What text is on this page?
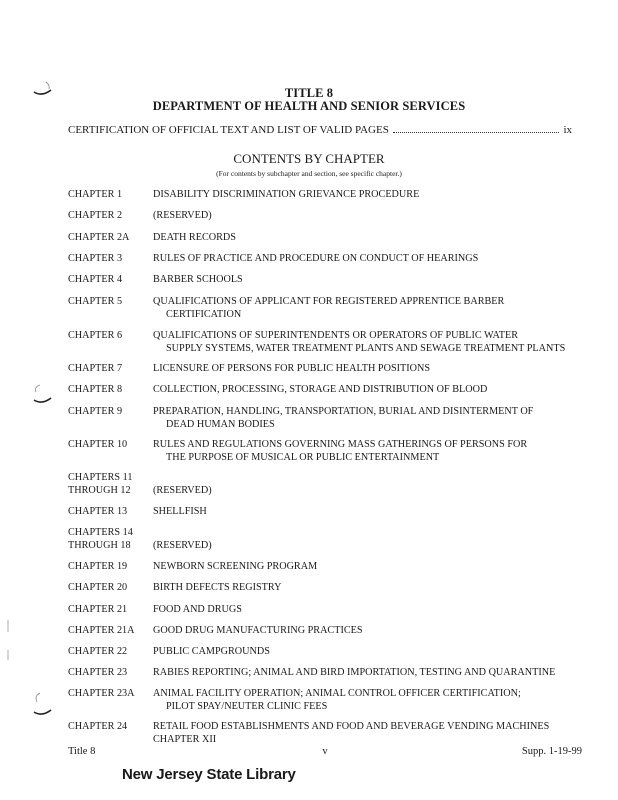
TITLE 8
DEPARTMENT OF HEALTH AND SENIOR SERVICES
CERTIFICATION OF OFFICIAL TEXT AND LIST OF VALID PAGES	ix
CONTENTS BY CHAPTER
(For contents by subchapter and section, see specific chapter.)
CHAPTER 1	DISABILITY DISCRIMINATION GRIEVANCE PROCEDURE
CHAPTER 2	(RESERVED)
CHAPTER 2A	DEATH RECORDS
CHAPTER 3	RULES OF PRACTICE AND PROCEDURE ON CONDUCT OF HEARINGS
CHAPTER 4	BARBER SCHOOLS
CHAPTER 5	QUALIFICATIONS OF APPLICANT FOR REGISTERED APPRENTICE BARBER
CERTIFICATION
CHAPTER 6	QUALIFICATIONS OF SUPERINTENDENTS OR OPERATORS OF PUBLIC WATER
SUPPLY SYSTEMS, WATER TREATMENT PLANTS AND SEWAGE TREATMENT PLANTS
CHAPTER 7	LICENSURE OF PERSONS FOR PUBLIC HEALTH POSITIONS
CHAPTER 8	COLLECTION, PROCESSING, STORAGE AND DISTRIBUTION OF BLOOD
CHAPTER 9	PREPARATION, HANDLING, TRANSPORTATION, BURIAL AND DISINTERMENT OF
DEAD HUMAN BODIES
CHAPTER 10	RULES AND REGULATIONS GOVERNING MASS GATHERINGS OF PERSONS FOR
THE PURPOSE OF MUSICAL OR PUBLIC ENTERTAINMENT
CHAPTERS 11
THROUGH 12	(RESERVED)
CHAPTER 13	SHELLFISH
CHAPTERS 14
THROUGH 18	(RESERVED)
CHAPTER 19	NEWBORN SCREENING PROGRAM
CHAPTER 20	BIRTH DEFECTS REGISTRY
CHAPTER 21	FOOD AND DRUGS
CHAPTER 21A	GOOD DRUG MANUFACTURING PRACTICES
CHAPTER 22	PUBLIC CAMPGROUNDS
CHAPTER 23	RABIES REPORTING; ANIMAL AND BIRD IMPORTATION, TESTING AND QUARANTINE
CHAPTER 23A	ANIMAL FACILITY OPERATION; ANIMAL CONTROL OFFICER CERTIFICATION;
PILOT SPAY/NEUTER CLINIC FEES
CHAPTER 24	RETAIL FOOD ESTABLISHMENTS AND FOOD AND BEVERAGE VENDING MACHINES
CHAPTER XII
Title 8	v	Supp. 1-19-99
New Jersey State Library
